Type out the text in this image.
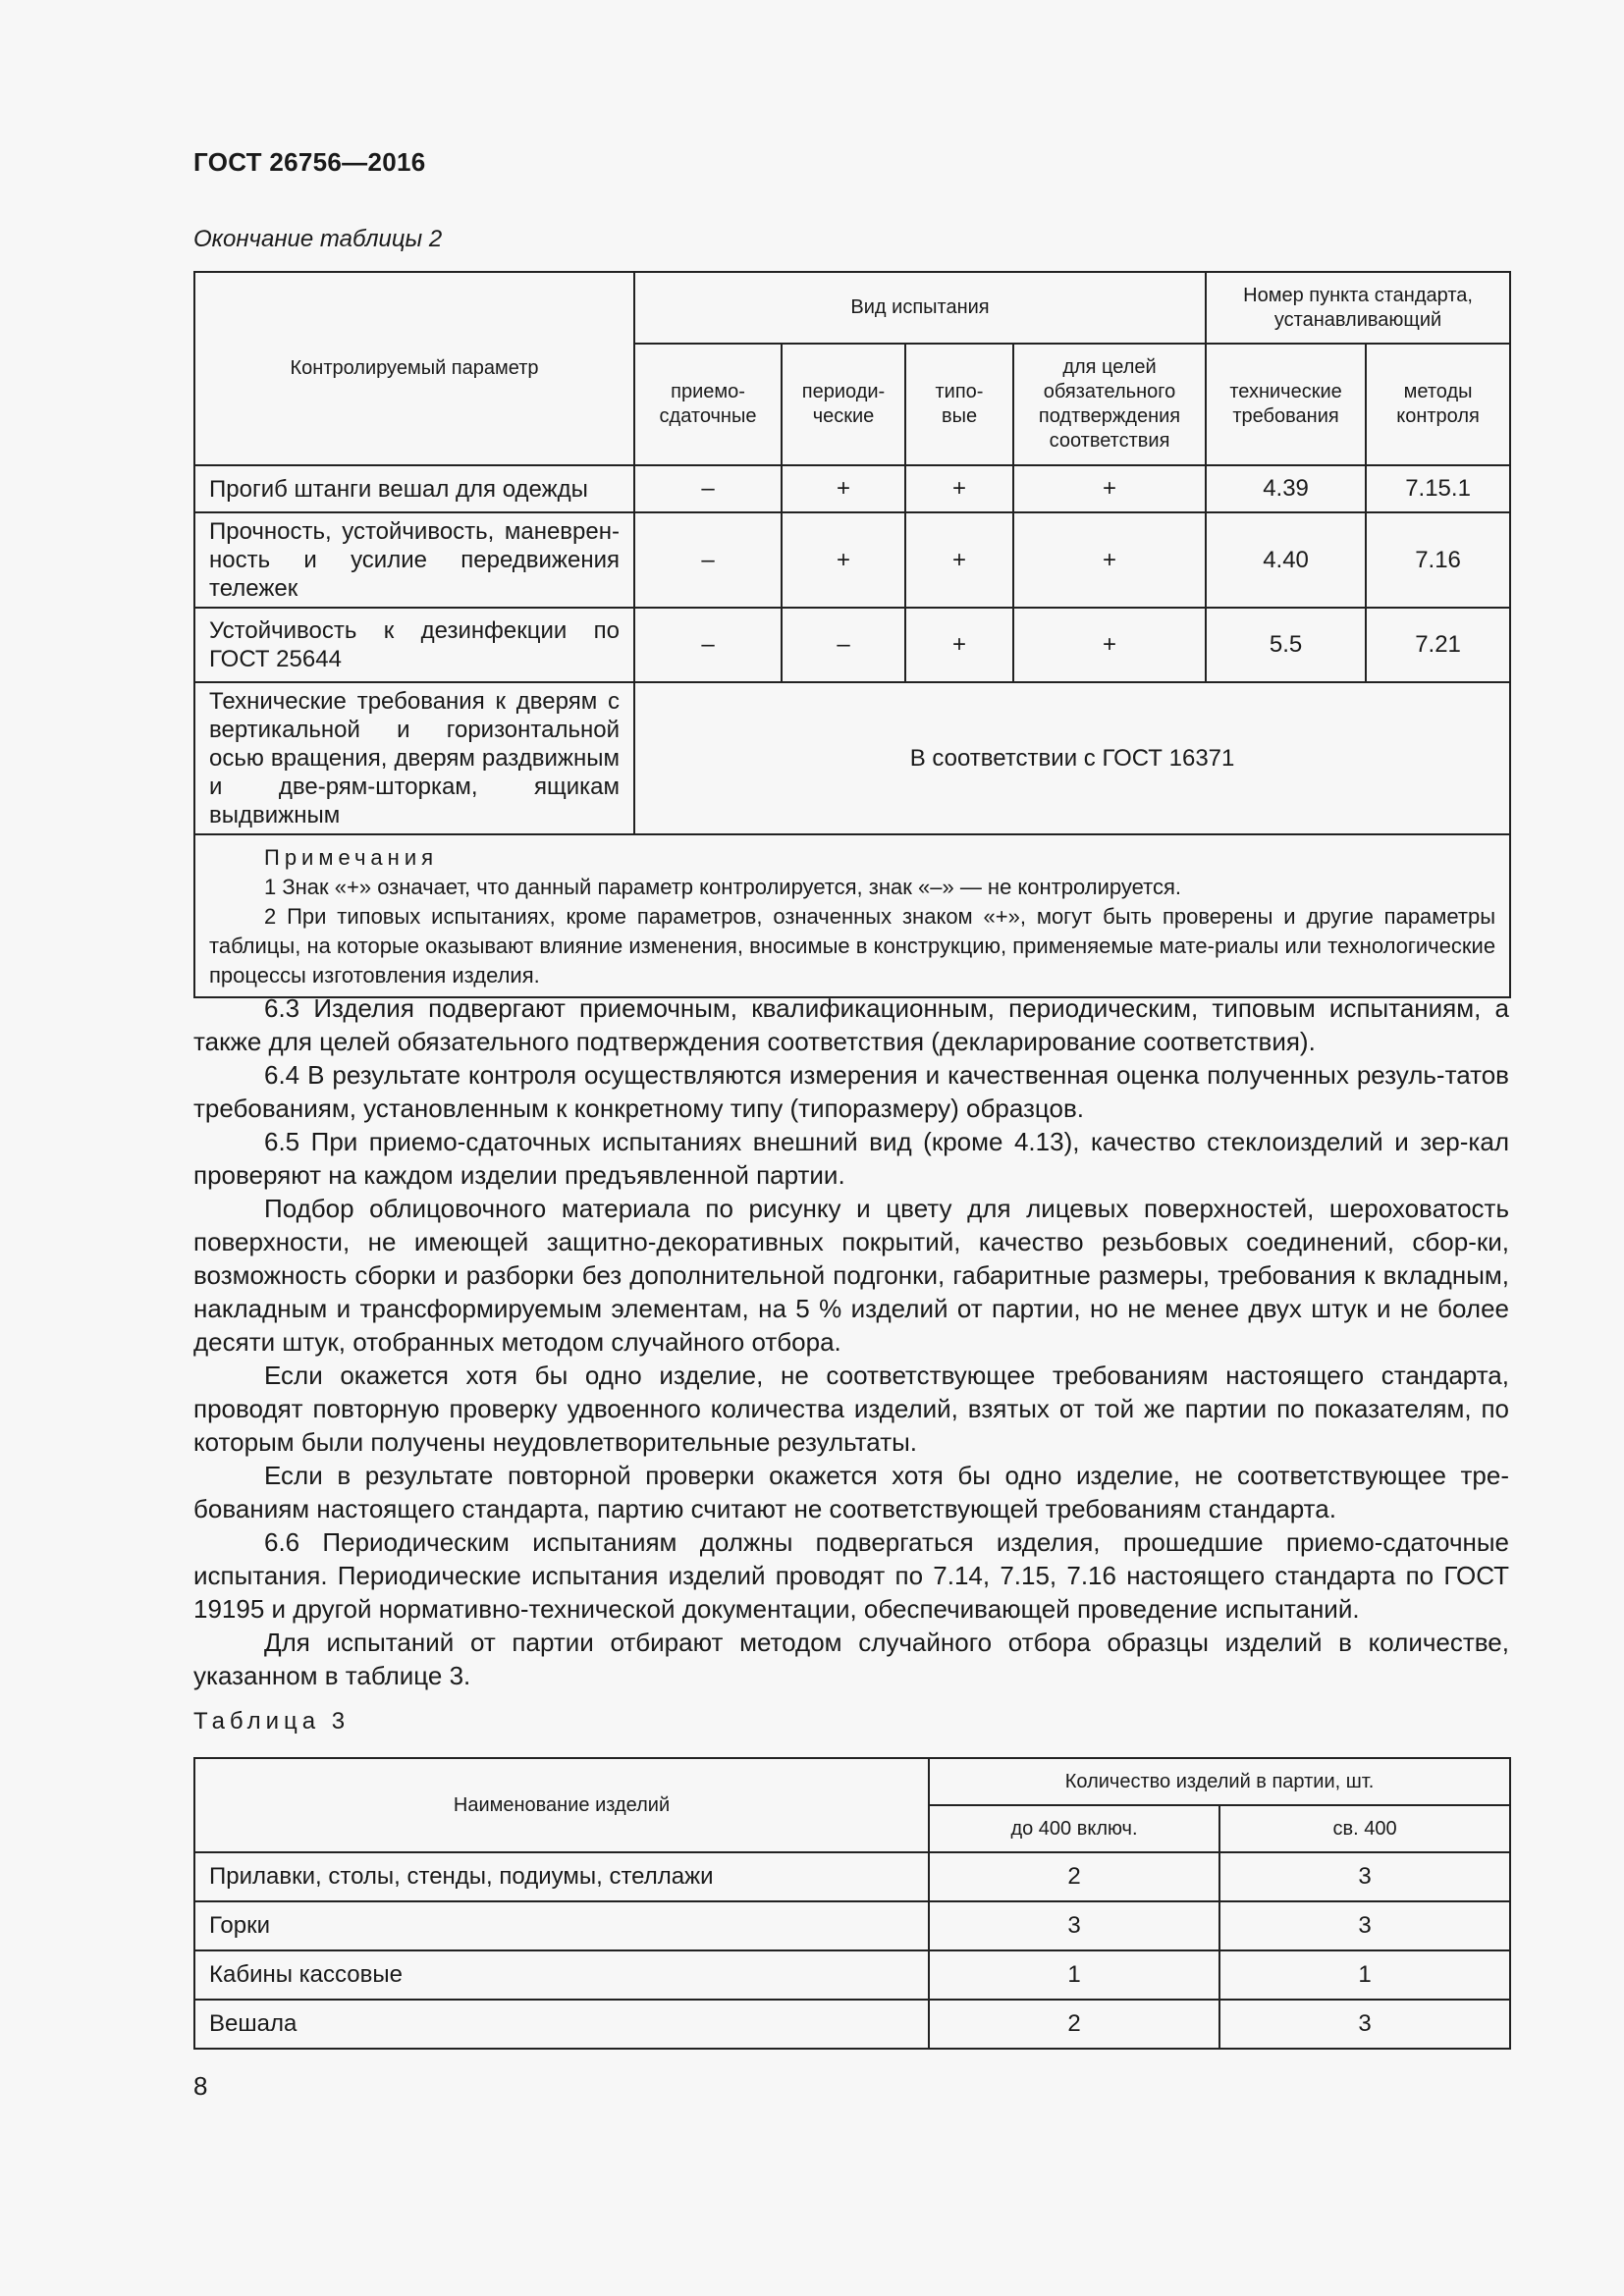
ГОСТ 26756—2016
Окончание таблицы 2
Контролируемый параметр	Вид испытания				Номер пункта стандарта, устанавливающий	
	приемо-сдаточные	периоди-ческие	типо-вые	для целей обязательного подтверждения соответствия	технические требования	методы контроля
Прогиб штанги вешал для одежды	–	+	+	+	4.39	7.15.1
Прочность, устойчивость, маневрен-ность и усилие передвижения тележек	–	+	+	+	4.40	7.16
Устойчивость к дезинфекции по ГОСТ 25644	–	–	+	+	5.5	7.21
Технические требования к дверям с вертикальной и горизонтальной осью вращения, дверям раздвижным и две-рям-шторкам, ящикам выдвижным	В соответствии с ГОСТ 16371					

Примечания
1 Знак «+» означает, что данный параметр контролируется, знак «–» — не контролируется.
2 При типовых испытаниях, кроме параметров, означенных знаком «+», могут быть проверены и другие параметры таблицы, на которые оказывают влияние изменения, вносимые в конструкцию, применяемые мате-риалы или технологические процессы изготовления изделия.						

6.3 Изделия подвергают приемочным, квалификационным, периодическим, типовым испытаниям, а также для целей обязательного подтверждения соответствия (декларирование соответствия).

6.4 В результате контроля осуществляются измерения и качественная оценка полученных резуль-татов требованиям, установленным к конкретному типу (типоразмеру) образцов.

6.5 При приемо-сдаточных испытаниях внешний вид (кроме 4.13), качество стеклоизделий и зер-кал проверяют на каждом изделии предъявленной партии.

Подбор облицовочного материала по рисунку и цвету для лицевых поверхностей, шероховатость поверхности, не имеющей защитно-декоративных покрытий, качество резьбовых соединений, сбор-ки, возможность сборки и разборки без дополнительной подгонки, габаритные размеры, требования к вкладным, накладным и трансформируемым элементам, на 5 % изделий от партии, но не менее двух штук и не более десяти штук, отобранных методом случайного отбора.

Если окажется хотя бы одно изделие, не соответствующее требованиям настоящего стандарта, проводят повторную проверку удвоенного количества изделий, взятых от той же партии по показателям, по которым были получены неудовлетворительные результаты.

Если в результате повторной проверки окажется хотя бы одно изделие, не соответствующее тре-бованиям настоящего стандарта, партию считают не соответствующей требованиям стандарта.

6.6 Периодическим испытаниям должны подвергаться изделия, прошедшие приемо-сдаточные испытания. Периодические испытания изделий проводят по 7.14, 7.15, 7.16 настоящего стандарта по ГОСТ 19195 и другой нормативно-технической документации, обеспечивающей проведение испытаний.

Для испытаний от партии отбирают методом случайного отбора образцы изделий в количестве, указанном в таблице 3.

Таблица 3
Наименование изделий	Количество изделий в партии, шт.	
	до 400 включ.	св. 400
Прилавки, столы, стенды, подиумы, стеллажи	2	3
Горки	3	3
Кабины кассовые	1	1
Вешала	2	3
8
